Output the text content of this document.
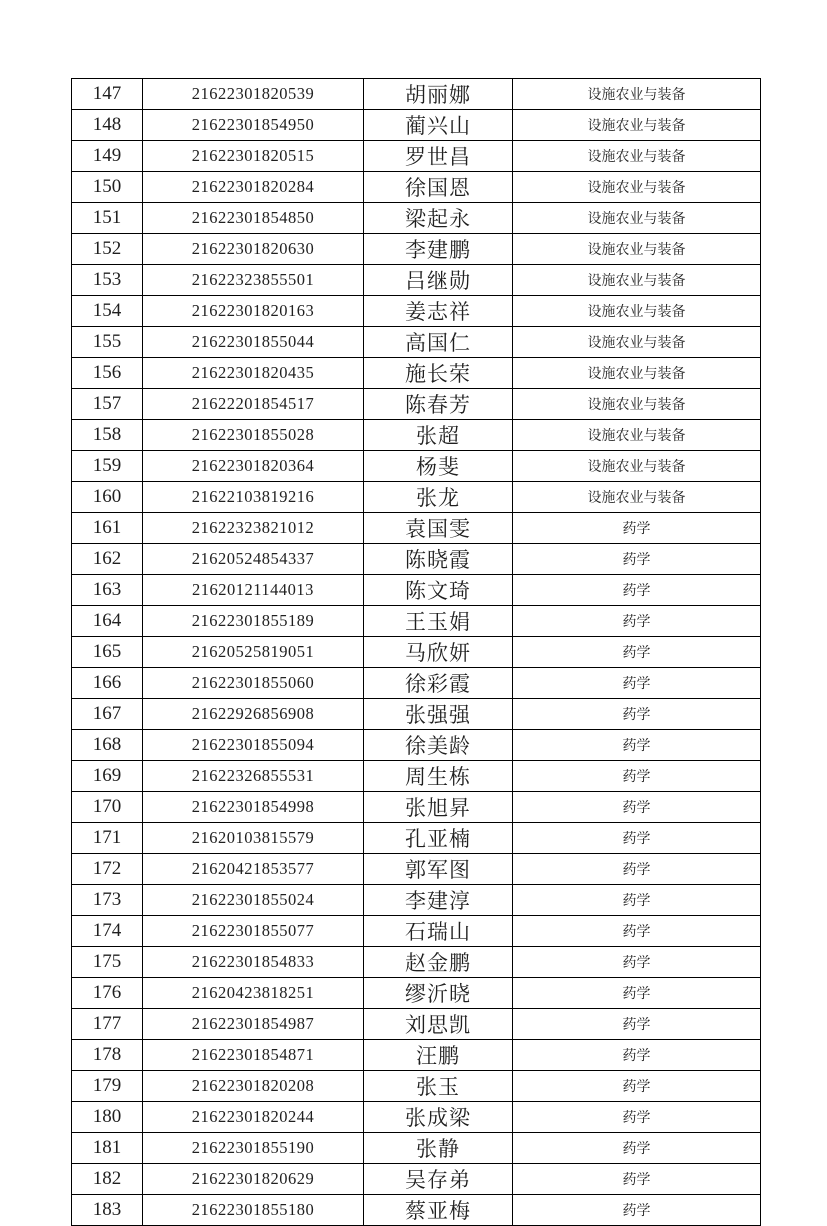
147	21622301820539	胡丽娜	设施农业与装备
148	21622301854950	蔺兴山	设施农业与装备
149	21622301820515	罗世昌	设施农业与装备
150	21622301820284	徐国恩	设施农业与装备
151	21622301854850	梁起永	设施农业与装备
152	21622301820630	李建鹏	设施农业与装备
153	21622323855501	吕继勋	设施农业与装备
154	21622301820163	姜志祥	设施农业与装备
155	21622301855044	高国仁	设施农业与装备
156	21622301820435	施长荣	设施农业与装备
157	21622201854517	陈春芳	设施农业与装备
158	21622301855028	张超	设施农业与装备
159	21622301820364	杨斐	设施农业与装备
160	21622103819216	张龙	设施农业与装备
161	21622323821012	袁国雯	药学
162	21620524854337	陈晓霞	药学
163	21620121144013	陈文琦	药学
164	21622301855189	王玉娟	药学
165	21620525819051	马欣妍	药学
166	21622301855060	徐彩霞	药学
167	21622926856908	张强强	药学
168	21622301855094	徐美龄	药学
169	21622326855531	周生栋	药学
170	21622301854998	张旭昇	药学
171	21620103815579	孔亚楠	药学
172	21620421853577	郭军图	药学
173	21622301855024	李建淳	药学
174	21622301855077	石瑞山	药学
175	21622301854833	赵金鹏	药学
176	21620423818251	缪沂晓	药学
177	21622301854987	刘思凯	药学
178	21622301854871	汪鹏	药学
179	21622301820208	张玉	药学
180	21622301820244	张成梁	药学
181	21622301855190	张静	药学
182	21622301820629	吴存弟	药学
183	21622301855180	蔡亚梅	药学
